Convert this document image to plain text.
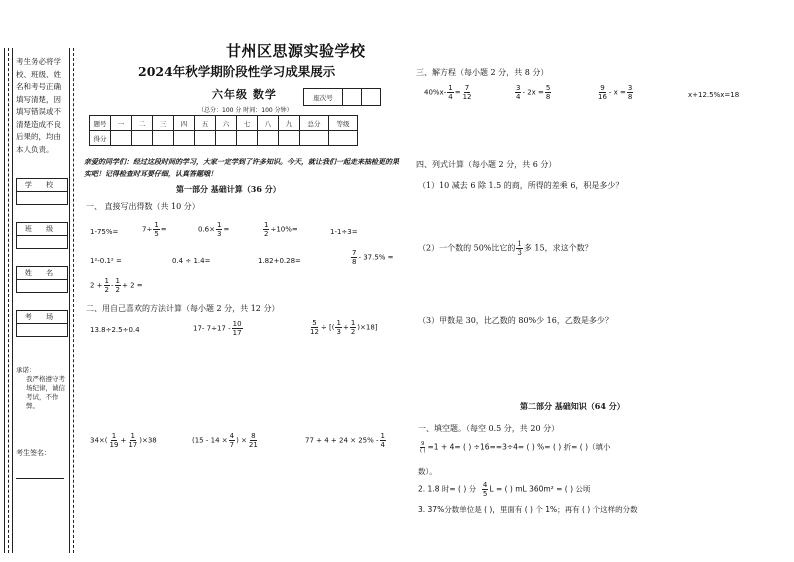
考生务必将学校、班级、姓名和考号正确填写清楚，因填写错误或不清楚造成不良后果的，均由本人负责。
学 校
班 级
姓 名
考 场
承诺：
我严格遵守考场纪律，诚信考试，不作弊。
考生签名：
甘州区思源实验学校
2024年秋学期阶段性学习成果展示
六年级 数学
（总分：100 分 时间：100 分钟）
座次号		
题号	一	二	三	四	五	六	七	八	九	总分	等级
得分											
亲爱的同学们：经过这段时间的学习，大家一定学到了许多知识。今天，就让我们一起走来抽检更的果实吧！记得检查时耳要仔细，认真答题哦！
第一部分 基础计算（36 分）
一、 直接写出得数（共 10 分）
1-75%=	$7\div \frac{1}{5}$ =	$0.6\times \frac{1}{3}$ =	$\frac{1}{2} \div 10\%=$	1-1÷3=
1²-0.1² =	0.4 ÷ 1.4=	1.82+0.28=	$\frac{7}{8} - 37.5\%$ =
$2 + \frac{1}{2} - \frac{1}{2} + 2$ =
二、用自己喜欢的方法计算（每小题 2 分，共 12 分）
13.8÷2.5÷0.4	17- $7\div 17 - \frac{10}{17}$	$\frac{5}{12}$ ÷ [( $\frac{1}{3} + \frac{1}{2} )\times 18$]
$34\times( \frac{1}{19} + \frac{1}{17} )\times 38$	($15 - 14 \times \frac{4}{7}$ ) × $\frac{8}{21}$	$77 + 4 + 24 \times 25\% - \frac{1}{4}$
三、解方程（每小题 2 分，共 8 分）
$40\%x- \frac{1}{4} = \frac{7}{12}$	$\frac{3}{4} - 2x = \frac{5}{8}$	$\frac{9}{16} - x = \frac{3}{8}$	x+12.5%x=18
四、列式计算（每小题 2 分，共 6 分）
（1）10 减去 6 除 1.5 的商，所得的差乘 6，积是多少？
（2）一个数的 50%比它的 $\frac{1}{3}$ 多 15，求这个数？
（3）甲数是 30，比乙数的 80%少 16，乙数是多少？
第二部分 基础知识（64 分）
一、填空题。（每空 0.5 分，共 20 分）
$\frac{9}{( )} =1 + 4=$ ( ) ÷16==3÷4= ( ) %= ( ) 折= ( )（填小
数）。
2. 1.8 时= ( ) 分 $\frac{4}{5}$ L = ( ) mL 360m² = ( ) 公顷
3. 37%分数单位是 ( )，里面有 ( ) 个 1%；再有 ( ) 个这样的分数
